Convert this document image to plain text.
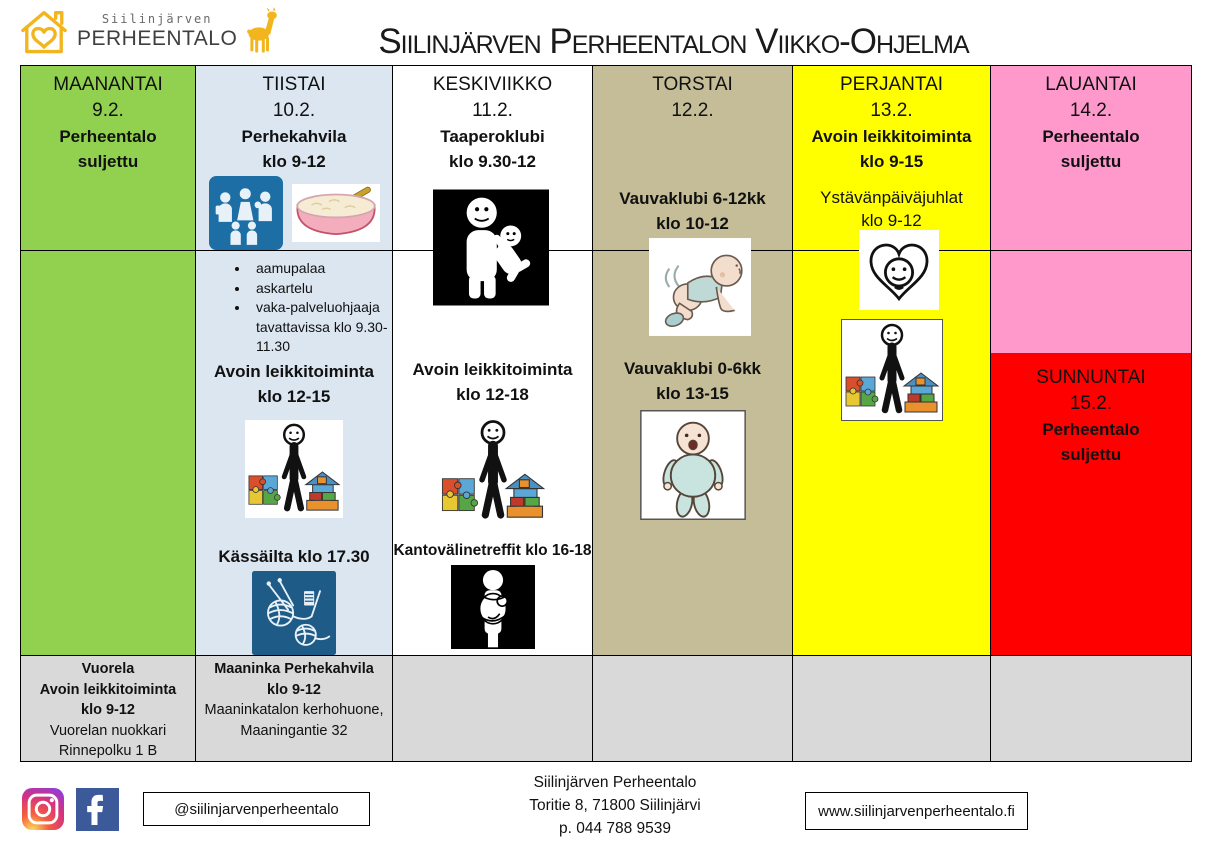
Siilinjärven
PERHEENTALO	Siilinjärven Perheentalon Viikko-Ohjelma
MAANANTAI
9.2.
Perheentalo
suljettu
Vuorela
Avoin leikkitoiminta
klo 9-12
Vuorelan nuokkari
Rinnepolku 1 B
TIISTAI
10.2.
Perhekahvila
klo 9-12
• aamupalaa
• askartelu
• vaka-palveluohjaaja tavattavissa klo 9.30-11.30
Avoin leikkitoiminta
klo 12-15
Kässäilta klo 17.30
Maaninka Perhekahvila
klo 9-12
Maaninkatalon kerhohuone,
Maaningantie 32
KESKIVIIKKO
11.2.
Taaperoklubi
klo 9.30-12
Avoin leikkitoiminta
klo 12-18
Kantovälinetreffit klo 16-18
TORSTAI
12.2.
Vauvaklubi 6-12kk
klo 10-12
Vauvaklubi 0-6kk
klo 13-15
PERJANTAI
13.2.
Avoin leikkitoiminta
klo 9-15
Ystävänpäiväjuhlat
klo 9-12
LAUANTAI
14.2.
Perheentalo
suljettu
SUNNUNTAI
15.2.
Perheentalo
suljettu
@siilinjarvenperheentalo
Siilinjärven Perheentalo
Toritie 8, 71800 Siilinjärvi
p. 044 788 9539
www.siilinjarvenperheentalo.fi
